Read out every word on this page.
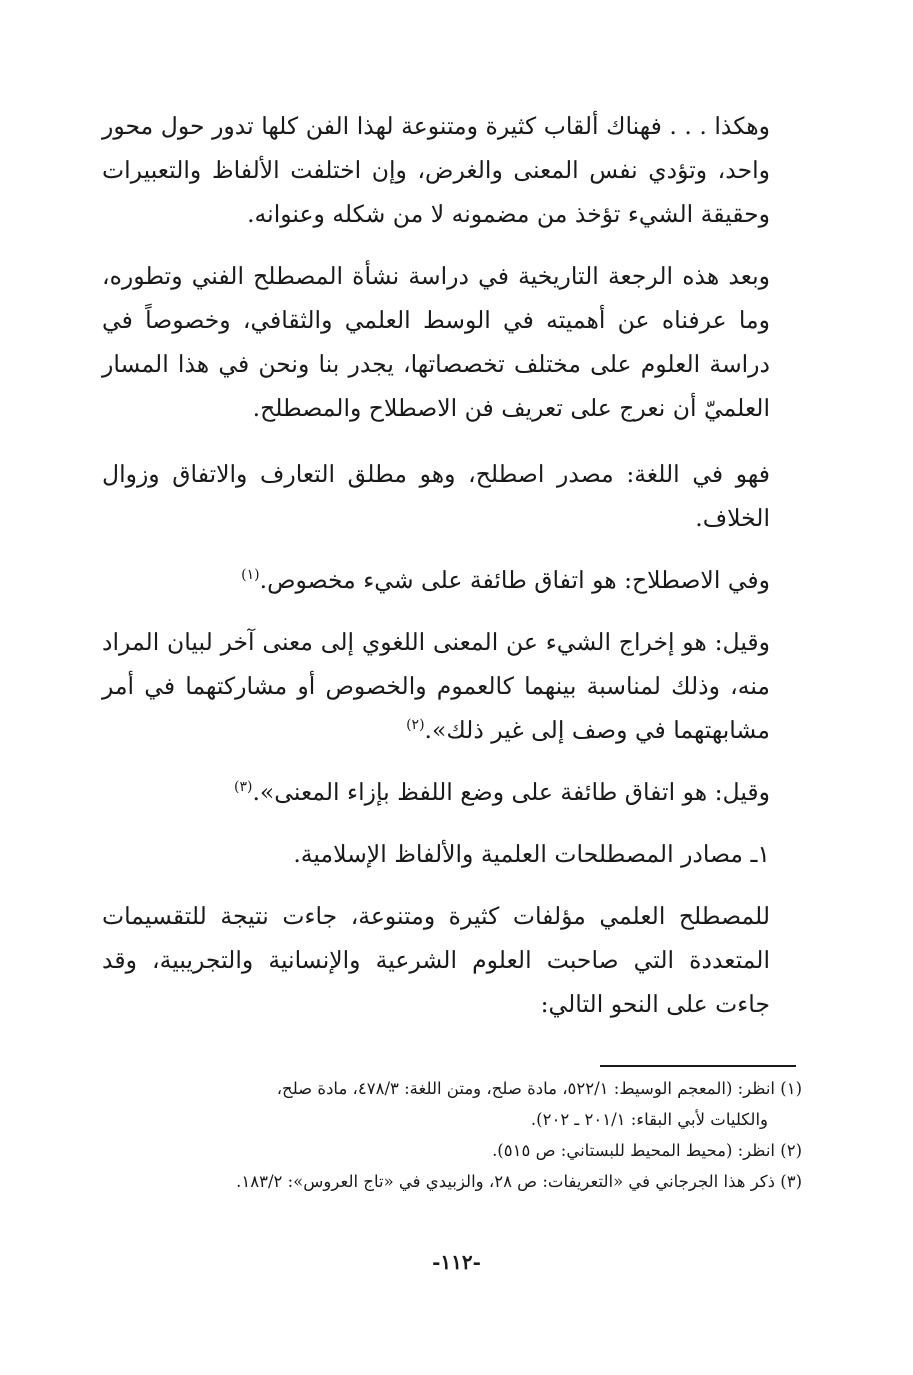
وهكذا . . . فهناك ألقاب كثيرة ومتنوعة لهذا الفن كلها تدور حول محور واحد، وتؤدي نفس المعنى والغرض، وإن اختلفت الألفاظ والتعبيرات وحقيقة الشيء تؤخذ من مضمونه لا من شكله وعنوانه.

وبعد هذه الرجعة التاريخية في دراسة نشأة المصطلح الفني وتطوره، وما عرفناه عن أهميته في الوسط العلمي والثقافي، وخصوصاً في دراسة العلوم على مختلف تخصصاتها، يجدر بنا ونحن في هذا المسار العلميّ أن نعرج على تعريف فن الاصطلاح والمصطلح.

فهو في اللغة: مصدر اصطلح، وهو مطلق التعارف والاتفاق وزوال الخلاف.

وفي الاصطلاح: هو اتفاق طائفة على شيء مخصوص.$^{(١)}$

وقيل: هو إخراج الشيء عن المعنى اللغوي إلى معنى آخر لبيان المراد منه، وذلك لمناسبة بينهما كالعموم والخصوص أو مشاركتهما في أمر مشابهتهما في وصف إلى غير ذلك».$^{(٢)}$

وقيل: هو اتفاق طائفة على وضع اللفظ بإزاء المعنى».$^{(٣)}$

١ـ مصادر المصطلحات العلمية والألفاظ الإسلامية.

للمصطلح العلمي مؤلفات كثيرة ومتنوعة، جاءت نتيجة للتقسيمات المتعددة التي صاحبت العلوم الشرعية والإنسانية والتجريبية، وقد جاءت على النحو التالي:

(١) انظر: (المعجم الوسيط: ٥٢٢/١، مادة صلح، ومتن اللغة: ٤٧٨/٣، مادة صلح،

والكليات لأبي البقاء: ٢٠١/١ ـ ٢٠٢).

(٢) انظر: (محيط المحيط للبستاني: ص ٥١٥).

(٣) ذكر هذا الجرجاني في «التعريفات: ص ٢٨، والزبيدي في «تاج العروس»: ١٨٣/٢.

-١١٢-
